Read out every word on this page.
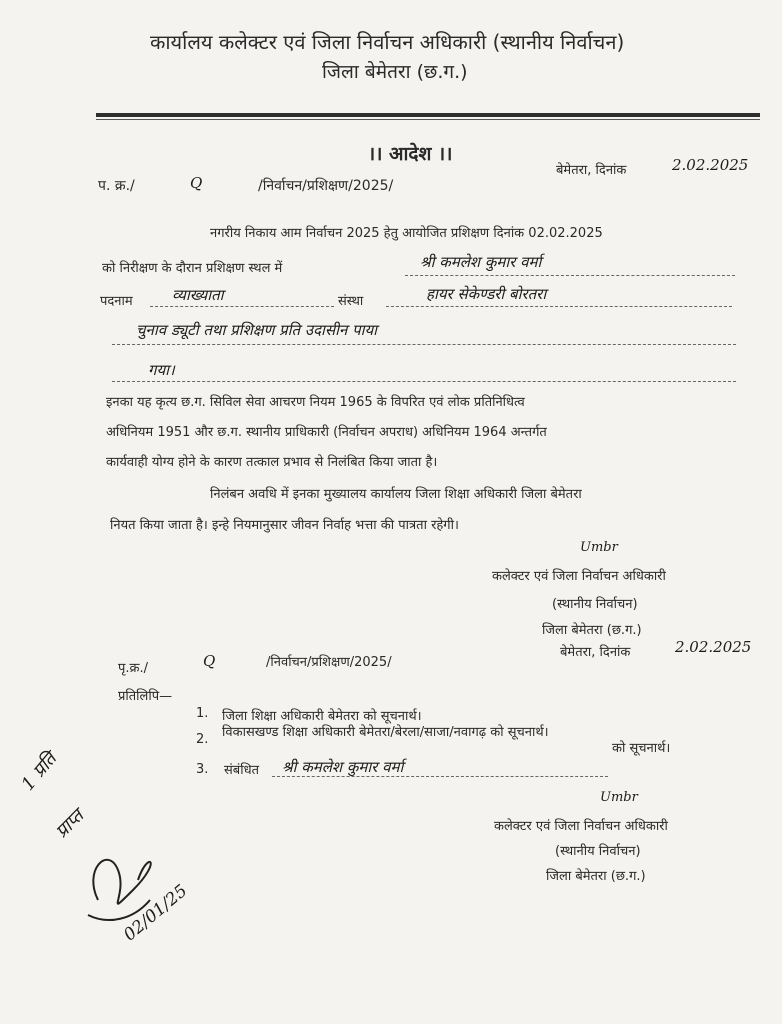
कार्यालय कलेक्टर एवं जिला निर्वाचन अधिकारी (स्थानीय निर्वाचन)
जिला बेमेतरा (छ.ग.)
।। आदेश ।।
प. क्र./	Q	/निर्वाचन/प्रशिक्षण/2025/
बेमेतरा, दिनांक	2.02.2025
नगरीय निकाय आम निर्वाचन 2025 हेतु आयोजित प्रशिक्षण दिनांक 02.02.2025
को निरीक्षण के दौरान प्रशिक्षण स्थल में	श्री कमलेश कुमार वर्मा
पदनाम	व्याख्याता	संस्था	हायर सेकेण्डरी बोरतरा
चुनाव ड्यूटी तथा प्रशिक्षण प्रति उदासीन पाया
गया।
इनका यह कृत्य छ.ग. सिविल सेवा आचरण नियम 1965 के विपरित एवं लोक प्रतिनिधित्व
अधिनियम 1951 और छ.ग. स्थानीय प्राधिकारी (निर्वाचन अपराध) अधिनियम 1964 अन्तर्गत
कार्यवाही योग्य होने के कारण तत्काल प्रभाव से निलंबित किया जाता है।
निलंबन अवधि में इनका मुख्यालय कार्यालय जिला शिक्षा अधिकारी जिला बेमेतरा
नियत किया जाता है। इन्हे नियमानुसार जीवन निर्वाह भत्ता की पात्रता रहेगी।
Umbr
कलेक्टर एवं जिला निर्वाचन अधिकारी
(स्थानीय निर्वाचन)
जिला बेमेतरा (छ.ग.)
बेमेतरा, दिनांक	2.02.2025
पृ.क्र./	Q	/निर्वाचन/प्रशिक्षण/2025/
प्रतिलिपि—
1. जिला शिक्षा अधिकारी बेमेतरा को सूचनार्थ।
2. विकासखण्ड शिक्षा अधिकारी बेमेतरा/बेरला/साजा/नवागढ़ को सूचनार्थ।
3. संबंधित श्री कमलेश कुमार वर्मा
को सूचनार्थ।
Umbr
कलेक्टर एवं जिला निर्वाचन अधिकारी
(स्थानीय निर्वाचन)
जिला बेमेतरा (छ.ग.)
1 प्रति
प्राप्त
02/01/25
